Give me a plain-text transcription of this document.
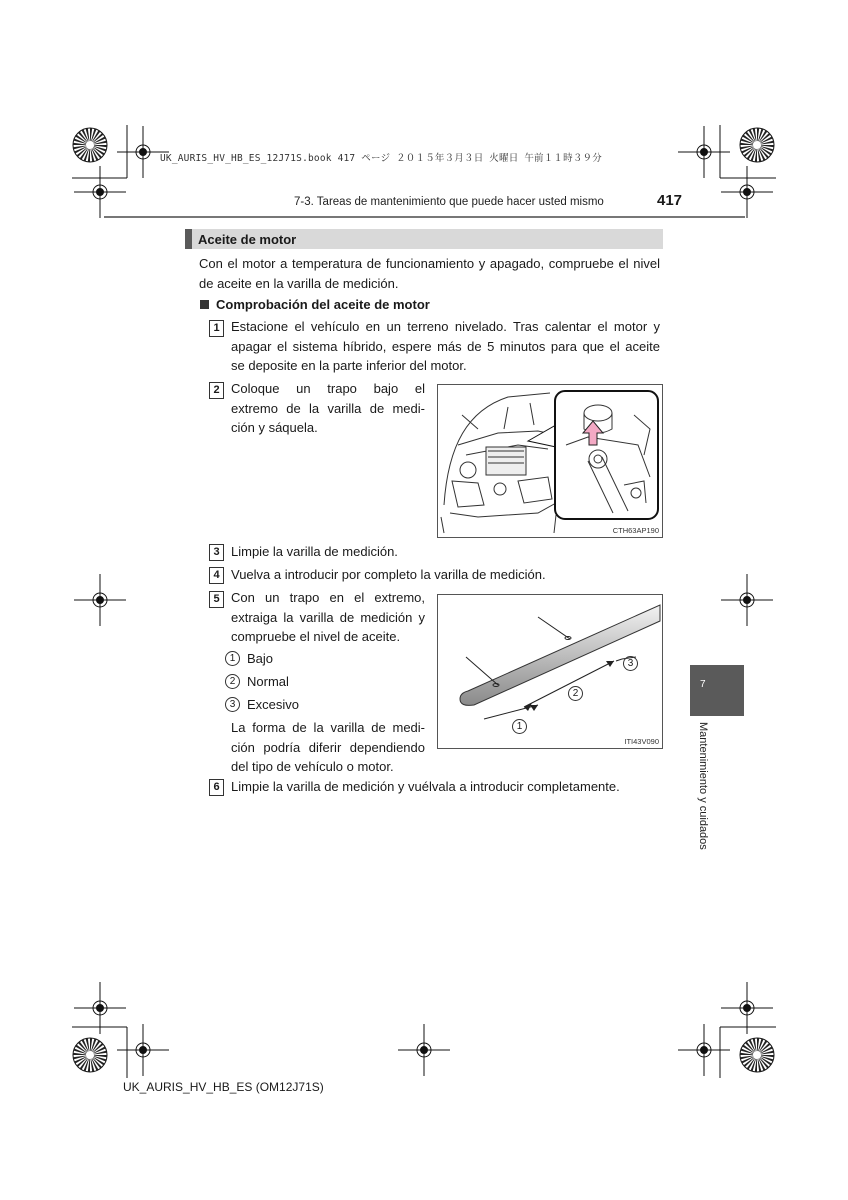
UK_AURIS_HV_HB_ES_12J71S.book 417 ページ ２０１５年３月３日 火曜日 午前１１時３９分
7-3. Tareas de mantenimiento que puede hacer usted mismo	417
Aceite de motor
Con el motor a temperatura de funcionamiento y apagado, compruebe el nivel de aceite en la varilla de medición.
Comprobación del aceite de motor
1 Estacione el vehículo en un terreno nivelado. Tras calentar el motor y
apagar el sistema híbrido, espere más de 5 minutos para que el aceite
se deposite en la parte inferior del motor.
2 Coloque un trapo bajo el
extremo de la varilla de medi-
ción y sáquela.
CTH63AP190
3 Limpie la varilla de medición.
4 Vuelva a introducir por completo la varilla de medición.
5 Con un trapo en el extremo,
extraiga la varilla de medición y
compruebe el nivel de aceite.
1 Bajo
2 Normal
3 Excesivo
La forma de la varilla de medi-
ción podría diferir dependiendo
del tipo de vehículo o motor.
ITI43V090
1
2
3
6 Limpie la varilla de medición y vuélvala a introducir completamente.
7
Mantenimiento y cuidados
UK_AURIS_HV_HB_ES (OM12J71S)
